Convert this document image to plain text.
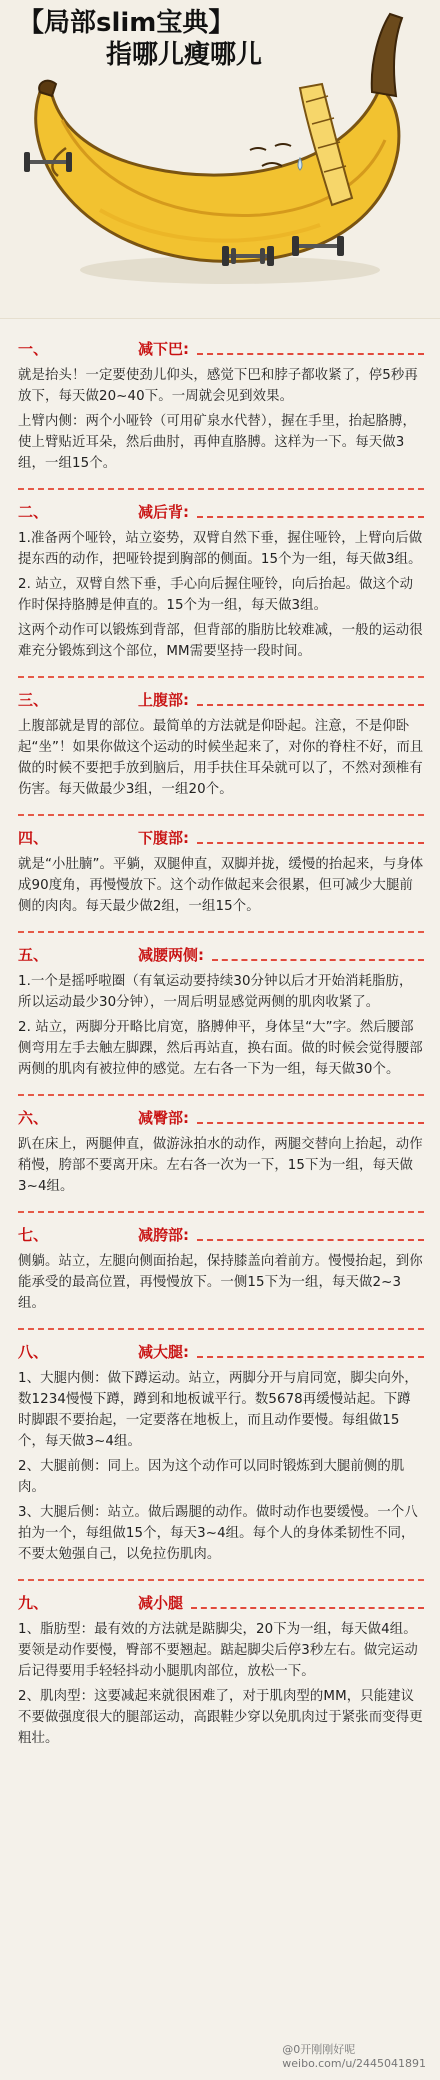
【局部slim宝典】
指哪儿瘦哪儿
一、	减下巴:

就是抬头！一定要使劲儿仰头，感觉下巴和脖子都收紧了，停5秒再放下，每天做20~40下。一周就会见到效果。

上臂内侧：两个小哑铃（可用矿泉水代替），握在手里，抬起胳膊，使上臂贴近耳朵，然后曲肘，再伸直胳膊。这样为一下。每天做3组，一组15个。

二、	减后背:

1.准备两个哑铃，站立姿势，双臂自然下垂，握住哑铃，上臂向后做提东西的动作，把哑铃提到胸部的侧面。15个为一组，每天做3组。

2. 站立，双臂自然下垂，手心向后握住哑铃，向后抬起。做这个动作时保持胳膊是伸直的。15个为一组，每天做3组。

这两个动作可以锻炼到背部，但背部的脂肪比较难减，一般的运动很难充分锻炼到这个部位，MM需要坚持一段时间。

三、	上腹部:

上腹部就是胃的部位。最简单的方法就是仰卧起。注意，不是仰卧起“坐”！如果你做这个运动的时候坐起来了，对你的脊柱不好，而且做的时候不要把手放到脑后，用手扶住耳朵就可以了，不然对颈椎有伤害。每天做最少3组，一组20个。

四、	下腹部:

就是“小肚腩”。平躺，双腿伸直，双脚并拢，缓慢的抬起来，与身体成90度角，再慢慢放下。这个动作做起来会很累，但可减少大腿前侧的肉肉。每天最少做2组，一组15个。

五、	减腰两侧:

1.一个是摇呼啦圈（有氧运动要持续30分钟以后才开始消耗脂肪，所以运动最少30分钟），一周后明显感觉两侧的肌肉收紧了。

2. 站立，两脚分开略比肩宽，胳膊伸平，身体呈“大”字。然后腰部侧弯用左手去触左脚踝，然后再站直，换右面。做的时候会觉得腰部两侧的肌肉有被拉伸的感觉。左右各一下为一组，每天做30个。

六、	减臀部:

趴在床上，两腿伸直，做游泳拍水的动作，两腿交替向上抬起，动作稍慢，胯部不要离开床。左右各一次为一下，15下为一组，每天做3~4组。

七、	减胯部:

侧躺。站立，左腿向侧面抬起，保持膝盖向着前方。慢慢抬起，到你能承受的最高位置，再慢慢放下。一侧15下为一组，每天做2~3组。

八、	减大腿:

1、大腿内侧：做下蹲运动。站立，两脚分开与肩同宽，脚尖向外，数1234慢慢下蹲，蹲到和地板诚平行。数5678再缓慢站起。下蹲时脚跟不要抬起，一定要落在地板上，而且动作要慢。每组做15个，每天做3~4组。

2、大腿前侧：同上。因为这个动作可以同时锻炼到大腿前侧的肌肉。

3、大腿后侧：站立。做后踢腿的动作。做时动作也要缓慢。一个八拍为一个，每组做15个，每天3~4组。每个人的身体柔韧性不同，不要太勉强自己，以免拉伤肌肉。

九、	减小腿

1、脂肪型：最有效的方法就是踮脚尖，20下为一组，每天做4组。要领是动作要慢，臀部不要翘起。踮起脚尖后停3秒左右。做完运动后记得要用手轻轻抖动小腿肌肉部位，放松一下。

2、肌肉型：这要减起来就很困难了，对于肌肉型的MM，只能建议不要做强度很大的腿部运动，高跟鞋少穿以免肌肉过于紧张而变得更粗壮。

@0开刚刚好呢
weibo.com/u/2445041891
